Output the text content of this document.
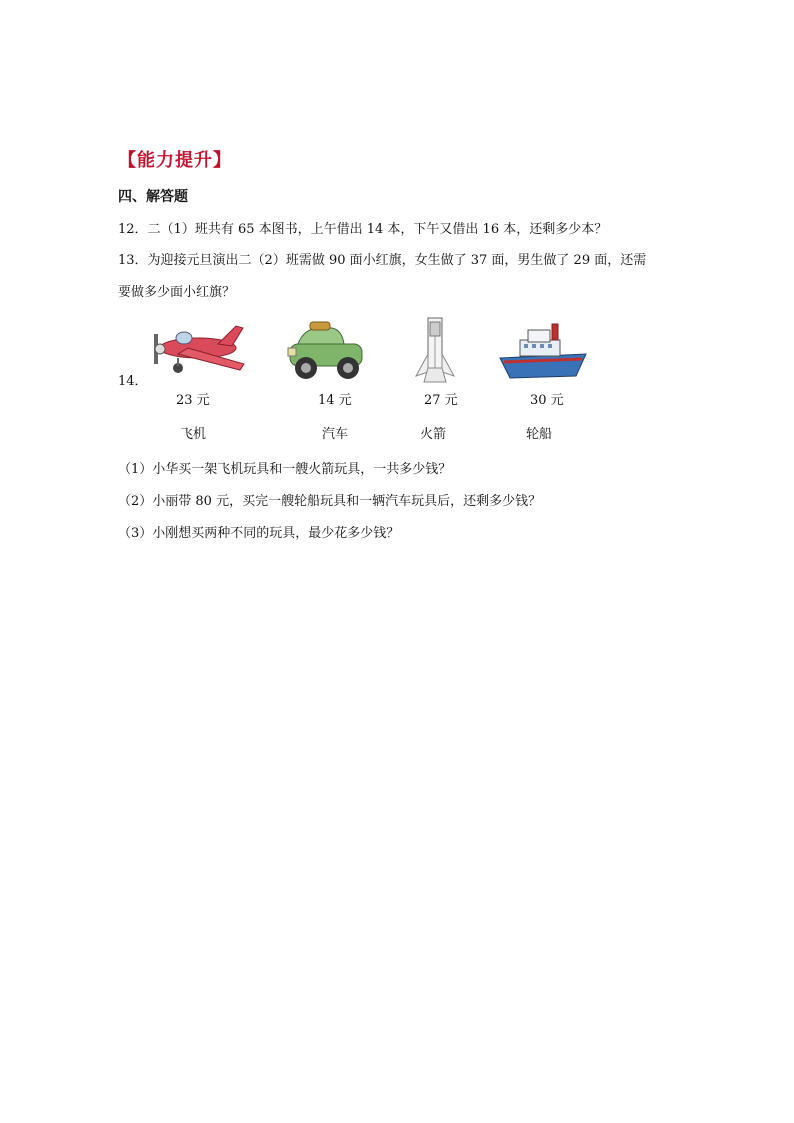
【能力提升】
四、解答题
12．二（1）班共有 65 本图书，上午借出 14 本，下午又借出 16 本，还剩多少本？
13．为迎接元旦演出二（2）班需做 90 面小红旗，女生做了 37 面，男生做了 29 面，还需
要做多少面小红旗？
14．
23 元
飞机
14 元
汽车
27 元
火箭
30 元
轮船
（1）小华买一架飞机玩具和一艘火箭玩具，一共多少钱？
（2）小丽带 80 元，买完一艘轮船玩具和一辆汽车玩具后，还剩多少钱？
（3）小刚想买两种不同的玩具，最少花多少钱？
